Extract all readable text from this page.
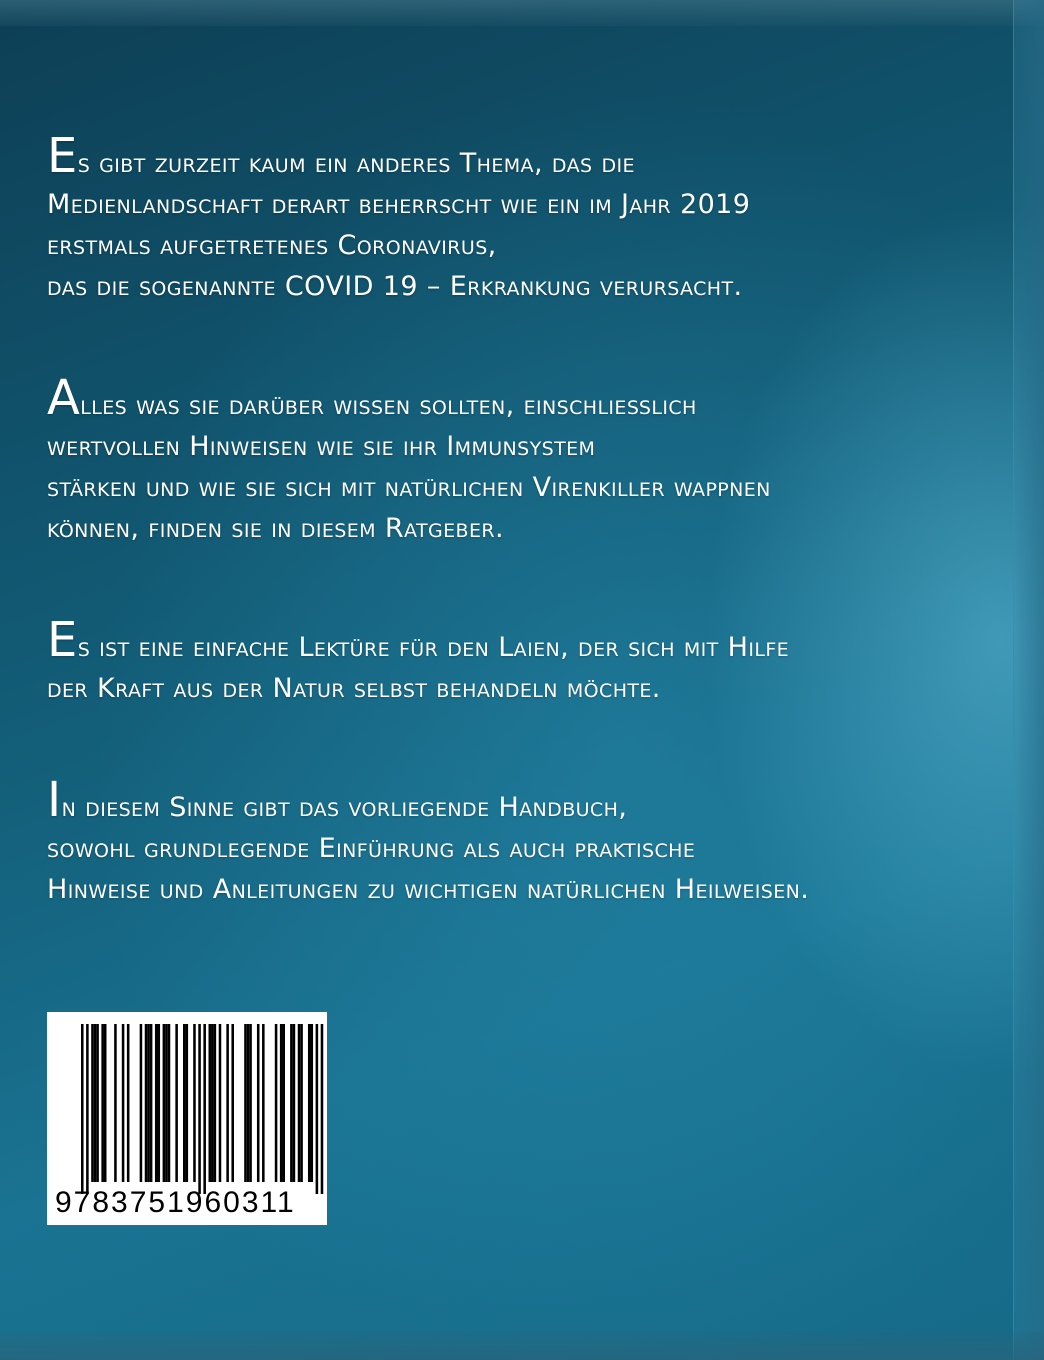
Es gibt zurzeit kaum ein anderes Thema, das die

Medienlandschaft derart beherrscht wie ein im Jahr 2019

erstmals aufgetretenes Coronavirus,

das die sogenannte COVID 19 – Erkrankung verursacht.

Alles was sie darüber wissen sollten, einschließlich

wertvollen Hinweisen wie sie ihr Immunsystem

stärken und wie sie sich mit natürlichen Virenkiller wappnen

können, finden sie in diesem Ratgeber.

Es ist eine einfache Lektüre für den Laien, der sich mit Hilfe

der Kraft aus der Natur selbst behandeln möchte.

In diesem Sinne gibt das vorliegende Handbuch,

sowohl grundlegende Einführung als auch praktische

Hinweise und Anleitungen zu wichtigen natürlichen Heilweisen.

9783751960311
